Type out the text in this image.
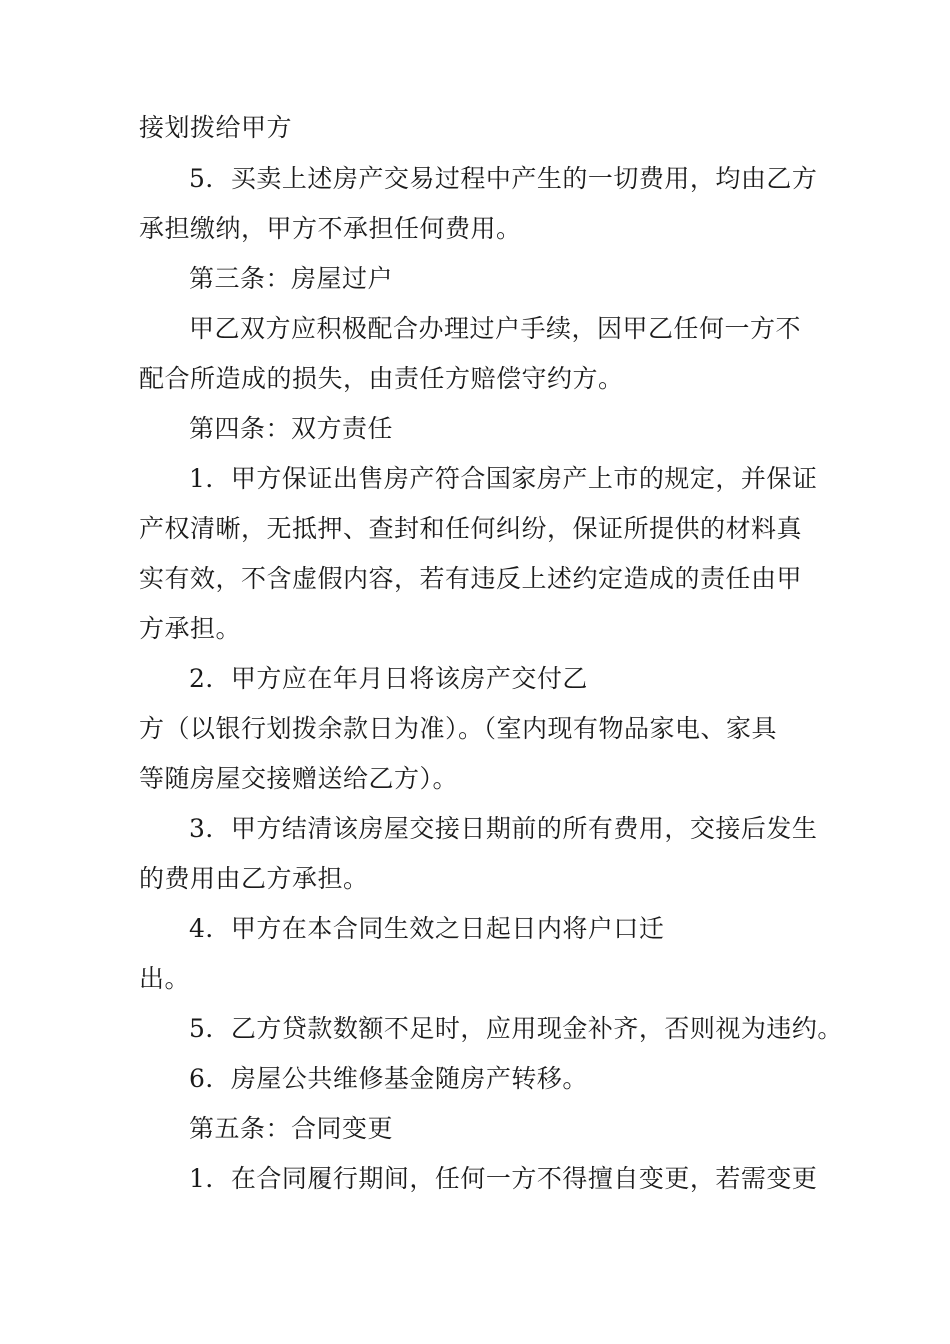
接划拨给甲方
5．买卖上述房产交易过程中产生的一切费用，均由乙方
承担缴纳，甲方不承担任何费用。
第三条：房屋过户
甲乙双方应积极配合办理过户手续，因甲乙任何一方不
配合所造成的损失，由责任方赔偿守约方。
第四条：双方责任
1．甲方保证出售房产符合国家房产上市的规定，并保证
产权清晰，无抵押、查封和任何纠纷，保证所提供的材料真
实有效，不含虚假内容，若有违反上述约定造成的责任由甲
方承担。
2．甲方应在年月日将该房产交付乙
方（以银行划拨余款日为准）。（室内现有物品家电、家具
等随房屋交接赠送给乙方）。
3．甲方结清该房屋交接日期前的所有费用，交接后发生
的费用由乙方承担。
4．甲方在本合同生效之日起日内将户口迁
出。
5．乙方贷款数额不足时，应用现金补齐，否则视为违约。
6．房屋公共维修基金随房产转移。
第五条：合同变更
1．在合同履行期间，任何一方不得擅自变更，若需变更
